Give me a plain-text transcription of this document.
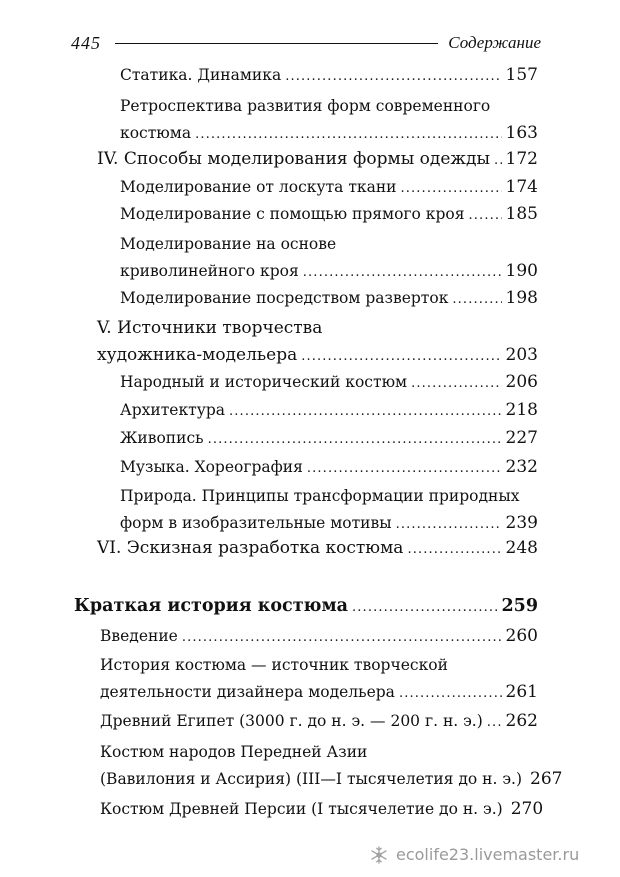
445	Содержание
Статика. Динамика . . .	157
Ретроспектива развития форм современного
костюма . . .	163
IV. Способы моделирования формы одежды . . . 172
Моделирование от лоскута ткани . . .	174
Моделирование с помощью прямого кроя . . . 185
Моделирование на основе
криволинейного кроя . . .	190
Моделирование посредством разверток . . .	198
V. Источники творчества
художника-модельера . . .	203
Народный и исторический костюм . . .	206
Архитектура . . .	218
Живопись . . .	227
Музыка. Хореография . . .	232
Природа. Принципы трансформации природных
форм в изобразительные мотивы . . .	239
VI. Эскизная разработка костюма . . .	248
Краткая история костюма . . .	259
Введение . . .	260
История костюма — источник творческой
деятельности дизайнера модельера . . .	261
Древний Египет (3000 г. до н. э. — 200 г. н. э.) . . . 262
Костюм народов Передней Азии
(Вавилония и Ассирия) (III—I тысячелетия до н. э.) 267
Костюм Древней Персии (I тысячелетие до н. э.) 270
ecolife23.livemaster.ru
